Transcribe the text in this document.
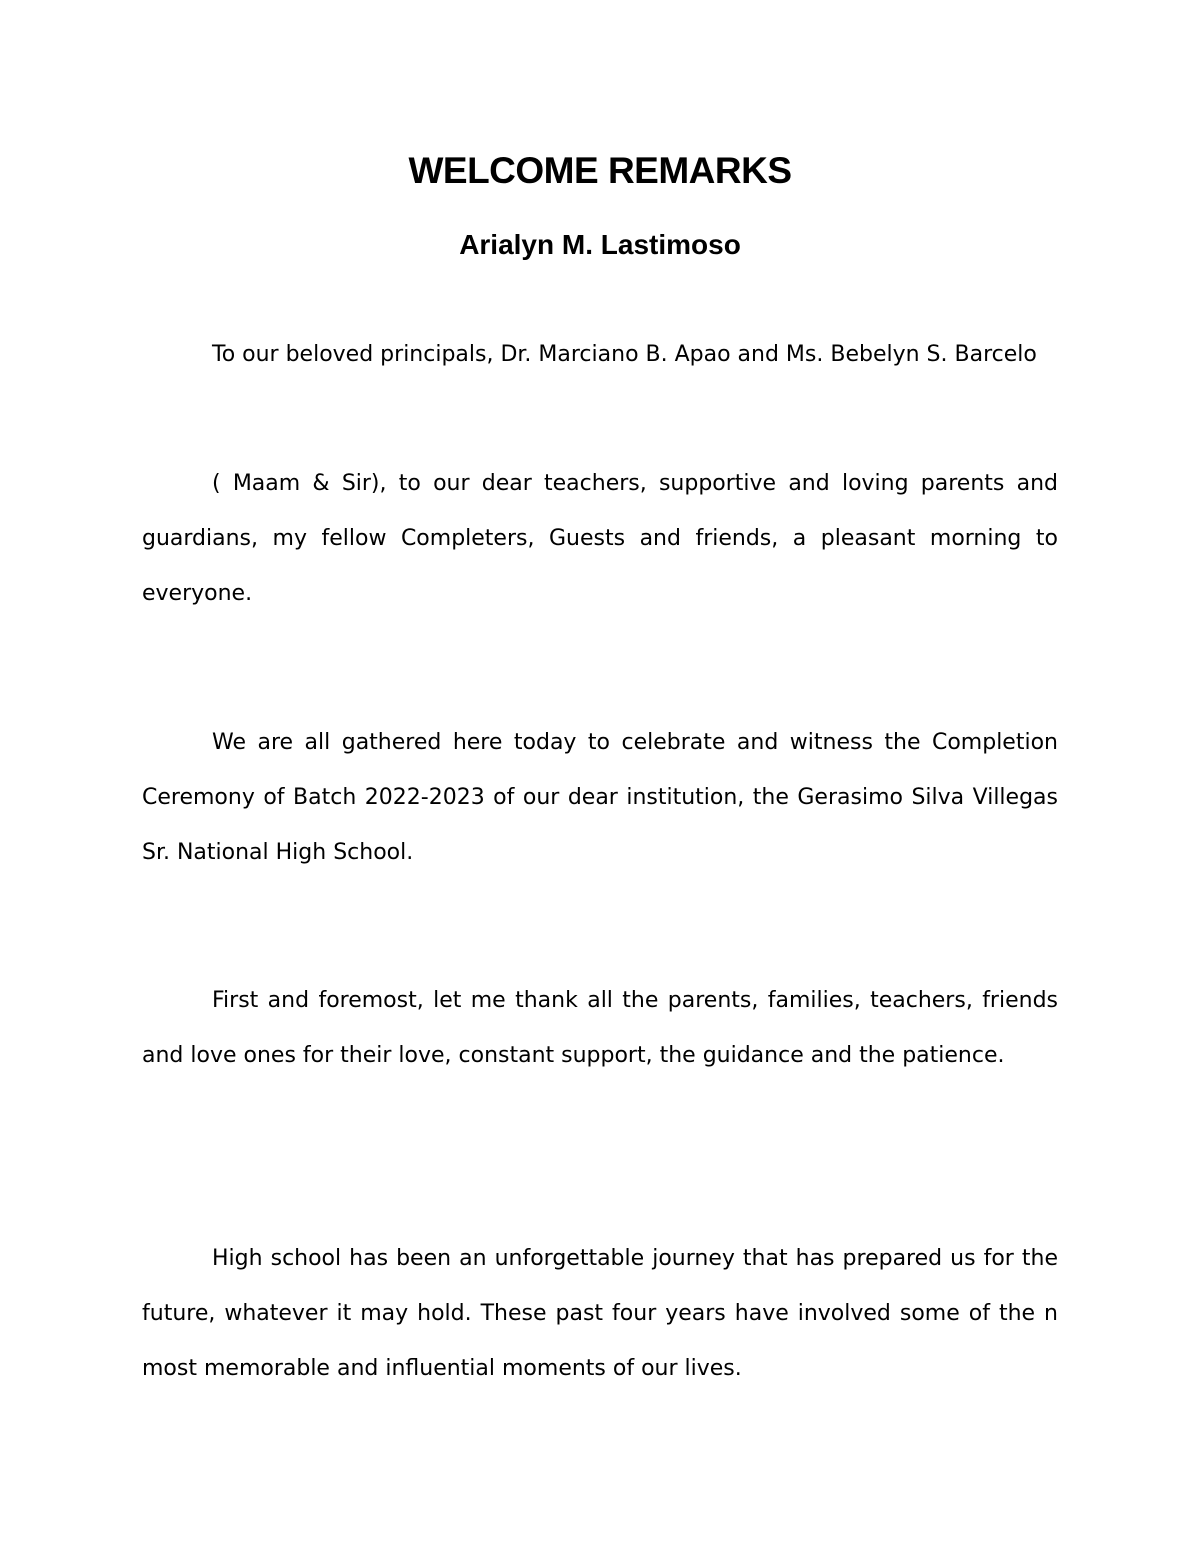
WELCOME REMARKS
Arialyn M. Lastimoso

To our beloved principals, Dr. Marciano B. Apao and Ms. Bebelyn S. Barcelo

( Maam & Sir), to our dear teachers, supportive and loving parents and guardians, my fellow Completers, Guests and friends, a pleasant morning to everyone.

We are all gathered here today to celebrate and witness the Completion Ceremony of Batch 2022-2023 of our dear institution, the Gerasimo Silva Villegas Sr. National High School.

First and foremost, let me thank all the parents, families, teachers, friends and love ones for their love, constant support, the guidance and the patience.

High school has been an unforgettable journey that has prepared us for the future, whatever it may hold. These past four years have involved some of the n most memorable and influential moments of our lives.
